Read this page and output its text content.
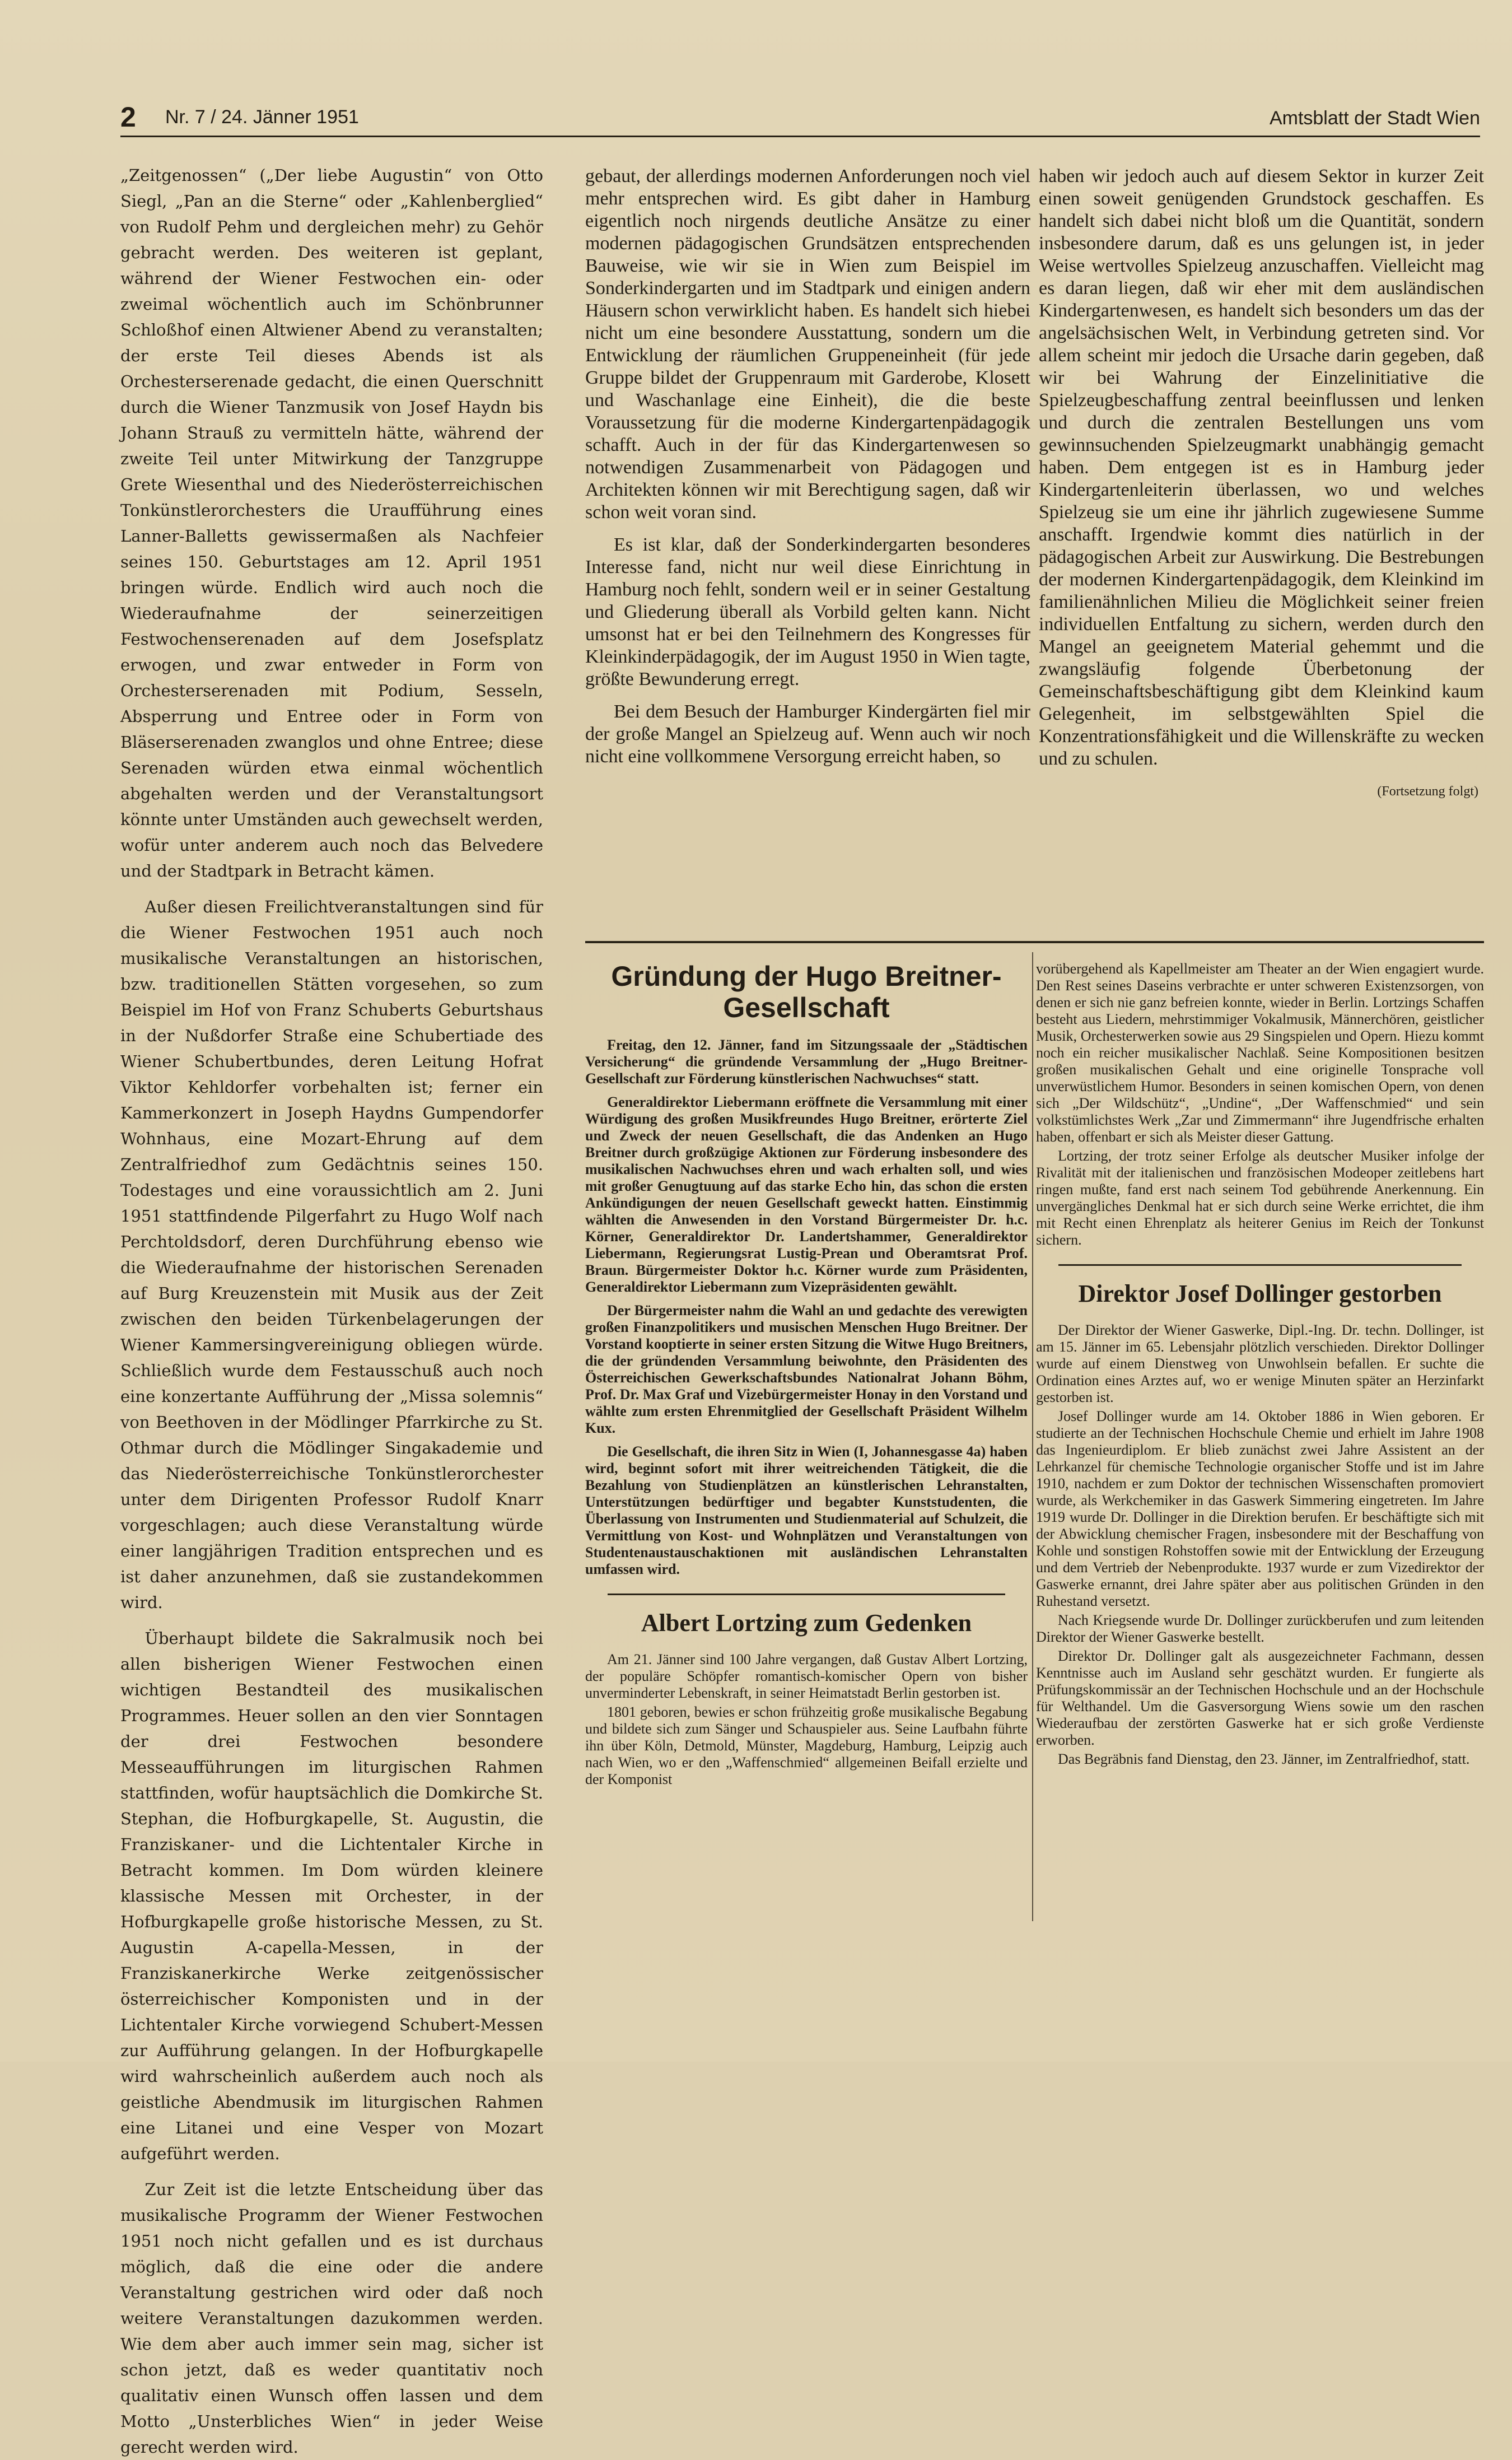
2 Nr. 7 / 24. Jänner 1951	Amtsblatt der Stadt Wien

„Zeitgenossen“ („Der liebe Augustin“ von Otto Siegl, „Pan an die Sterne“ oder „Kahlenberglied“ von Rudolf Pehm und dergleichen mehr) zu Gehör gebracht werden. Des weiteren ist geplant, während der Wiener Festwochen ein- oder zweimal wöchentlich auch im Schönbrunner Schloßhof einen Altwiener Abend zu veranstalten; der erste Teil dieses Abends ist als Orchesterserenade gedacht, die einen Querschnitt durch die Wiener Tanzmusik von Josef Haydn bis Johann Strauß zu vermitteln hätte, während der zweite Teil unter Mitwirkung der Tanzgruppe Grete Wiesenthal und des Niederösterreichischen Tonkünstlerorchesters die Uraufführung eines Lanner-Balletts gewissermaßen als Nachfeier seines 150. Geburtstages am 12. April 1951 bringen würde. Endlich wird auch noch die Wiederaufnahme der seinerzeitigen Festwochenserenaden auf dem Josefsplatz erwogen, und zwar entweder in Form von Orchesterserenaden mit Podium, Sesseln, Absperrung und Entree oder in Form von Bläserserenaden zwanglos und ohne Entree; diese Serenaden würden etwa einmal wöchentlich abgehalten werden und der Veranstaltungsort könnte unter Umständen auch gewechselt werden, wofür unter anderem auch noch das Belvedere und der Stadtpark in Betracht kämen.

Außer diesen Freilichtveranstaltungen sind für die Wiener Festwochen 1951 auch noch musikalische Veranstaltungen an historischen, bzw. traditionellen Stätten vorgesehen, so zum Beispiel im Hof von Franz Schuberts Geburtshaus in der Nußdorfer Straße eine Schubertiade des Wiener Schubertbundes, deren Leitung Hofrat Viktor Kehldorfer vorbehalten ist; ferner ein Kammerkonzert in Joseph Haydns Gumpendorfer Wohnhaus, eine Mozart-Ehrung auf dem Zentralfriedhof zum Gedächtnis seines 150. Todestages und eine voraussichtlich am 2. Juni 1951 stattfindende Pilgerfahrt zu Hugo Wolf nach Perchtoldsdorf, deren Durchführung ebenso wie die Wiederaufnahme der historischen Serenaden auf Burg Kreuzenstein mit Musik aus der Zeit zwischen den beiden Türkenbelagerungen der Wiener Kammersingvereinigung obliegen würde. Schließlich wurde dem Festausschuß auch noch eine konzertante Aufführung der „Missa solemnis“ von Beethoven in der Mödlinger Pfarrkirche zu St. Othmar durch die Mödlinger Singakademie und das Niederösterreichische Tonkünstlerorchester unter dem Dirigenten Professor Rudolf Knarr vorgeschlagen; auch diese Veranstaltung würde einer langjährigen Tradition entsprechen und es ist daher anzunehmen, daß sie zustandekommen wird.

Überhaupt bildete die Sakralmusik noch bei allen bisherigen Wiener Festwochen einen wichtigen Bestandteil des musikalischen Programmes. Heuer sollen an den vier Sonntagen der drei Festwochen besondere Messeaufführungen im liturgischen Rahmen stattfinden, wofür hauptsächlich die Domkirche St. Stephan, die Hofburgkapelle, St. Augustin, die Franziskaner- und die Lichtentaler Kirche in Betracht kommen. Im Dom würden kleinere klassische Messen mit Orchester, in der Hofburgkapelle große historische Messen, zu St. Augustin A-capella-Messen, in der Franziskanerkirche Werke zeitgenössischer österreichischer Komponisten und in der Lichtentaler Kirche vorwiegend Schubert-Messen zur Aufführung gelangen. In der Hofburgkapelle wird wahrscheinlich außerdem auch noch als geistliche Abendmusik im liturgischen Rahmen eine Litanei und eine Vesper von Mozart aufgeführt werden.

Zur Zeit ist die letzte Entscheidung über das musikalische Programm der Wiener Festwochen 1951 noch nicht gefallen und es ist durchaus möglich, daß die eine oder die andere Veranstaltung gestrichen wird oder daß noch weitere Veranstaltungen dazukommen werden. Wie dem aber auch immer sein mag, sicher ist schon jetzt, daß es weder quantitativ noch qualitativ einen Wunsch offen lassen und dem Motto „Unsterbliches Wien“ in jeder Weise gerecht werden wird.

gebaut, der allerdings modernen Anforderungen noch viel mehr entsprechen wird. Es gibt daher in Hamburg eigentlich noch nirgends deutliche Ansätze zu einer modernen pädagogischen Grundsätzen entsprechenden Bauweise, wie wir sie in Wien zum Beispiel im Sonderkindergarten und im Stadtpark und einigen andern Häusern schon verwirklicht haben. Es handelt sich hiebei nicht um eine besondere Ausstattung, sondern um die Entwicklung der räumlichen Gruppeneinheit (für jede Gruppe bildet der Gruppenraum mit Garderobe, Klosett und Waschanlage eine Einheit), die die beste Voraussetzung für die moderne Kindergartenpädagogik schafft. Auch in der für das Kindergartenwesen so notwendigen Zusammenarbeit von Pädagogen und Architekten können wir mit Berechtigung sagen, daß wir schon weit voran sind.

Es ist klar, daß der Sonderkindergarten besonderes Interesse fand, nicht nur weil diese Einrichtung in Hamburg noch fehlt, sondern weil er in seiner Gestaltung und Gliederung überall als Vorbild gelten kann. Nicht umsonst hat er bei den Teilnehmern des Kongresses für Kleinkinderpädagogik, der im August 1950 in Wien tagte, größte Bewunderung erregt.

Bei dem Besuch der Hamburger Kindergärten fiel mir der große Mangel an Spielzeug auf. Wenn auch wir noch nicht eine vollkommene Versorgung erreicht haben, so

haben wir jedoch auch auf diesem Sektor in kurzer Zeit einen soweit genügenden Grundstock geschaffen. Es handelt sich dabei nicht bloß um die Quantität, sondern insbesondere darum, daß es uns gelungen ist, in jeder Weise wertvolles Spielzeug anzuschaffen. Vielleicht mag es daran liegen, daß wir eher mit dem ausländischen Kindergartenwesen, es handelt sich besonders um das der angelsächsischen Welt, in Verbindung getreten sind. Vor allem scheint mir jedoch die Ursache darin gegeben, daß wir bei Wahrung der Einzelinitiative die Spielzeugbeschaffung zentral beeinflussen und lenken und durch die zentralen Bestellungen uns vom gewinnsuchenden Spielzeugmarkt unabhängig gemacht haben. Dem entgegen ist es in Hamburg jeder Kindergartenleiterin überlassen, wo und welches Spielzeug sie um eine ihr jährlich zugewiesene Summe anschafft. Irgendwie kommt dies natürlich in der pädagogischen Arbeit zur Auswirkung. Die Bestrebungen der modernen Kindergartenpädagogik, dem Kleinkind im familienähnlichen Milieu die Möglichkeit seiner freien individuellen Entfaltung zu sichern, werden durch den Mangel an geeignetem Material gehemmt und die zwangsläufig folgende Überbetonung der Gemeinschaftsbeschäftigung gibt dem Kleinkind kaum Gelegenheit, im selbstgewählten Spiel die Konzentrationsfähigkeit und die Willenskräfte zu wecken und zu schulen.

(Fortsetzung folgt)

Gründung der Hugo Breitner-Gesellschaft

Freitag, den 12. Jänner, fand im Sitzungssaale der „Städtischen Versicherung“ die gründende Versammlung der „Hugo Breitner-Gesellschaft zur Förderung künstlerischen Nachwuchses“ statt.

Generaldirektor Liebermann eröffnete die Versammlung mit einer Würdigung des großen Musikfreundes Hugo Breitner, erörterte Ziel und Zweck der neuen Gesellschaft, die das Andenken an Hugo Breitner durch großzügige Aktionen zur Förderung insbesondere des musikalischen Nachwuchses ehren und wach erhalten soll, und wies mit großer Genugtuung auf das starke Echo hin, das schon die ersten Ankündigungen der neuen Gesellschaft geweckt hatten. Einstimmig wählten die Anwesenden in den Vorstand Bürgermeister Dr. h.c. Körner, Generaldirektor Dr. Landertshammer, Generaldirektor Liebermann, Regierungsrat Lustig-Prean und Oberamtsrat Prof. Braun. Bürgermeister Doktor h.c. Körner wurde zum Präsidenten, Generaldirektor Liebermann zum Vizepräsidenten gewählt.

Der Bürgermeister nahm die Wahl an und gedachte des verewigten großen Finanzpolitikers und musischen Menschen Hugo Breitner. Der Vorstand kooptierte in seiner ersten Sitzung die Witwe Hugo Breitners, die der gründenden Versammlung beiwohnte, den Präsidenten des Österreichischen Gewerkschaftsbundes Nationalrat Johann Böhm, Prof. Dr. Max Graf und Vizebürgermeister Honay in den Vorstand und wählte zum ersten Ehrenmitglied der Gesellschaft Präsident Wilhelm Kux.

Die Gesellschaft, die ihren Sitz in Wien (I, Johannesgasse 4a) haben wird, beginnt sofort mit ihrer weitreichenden Tätigkeit, die die Bezahlung von Studienplätzen an künstlerischen Lehranstalten, Unterstützungen bedürftiger und begabter Kunststudenten, die Überlassung von Instrumenten und Studienmaterial auf Schulzeit, die Vermittlung von Kost- und Wohnplätzen und Veranstaltungen von Studentenaustauschaktionen mit ausländischen Lehranstalten umfassen wird.

Albert Lortzing zum Gedenken

Am 21. Jänner sind 100 Jahre vergangen, daß Gustav Albert Lortzing, der populäre Schöpfer romantisch-komischer Opern von bisher unverminderter Lebenskraft, in seiner Heimatstadt Berlin gestorben ist.

1801 geboren, bewies er schon frühzeitig große musikalische Begabung und bildete sich zum Sänger und Schauspieler aus. Seine Laufbahn führte ihn über Köln, Detmold, Münster, Magdeburg, Hamburg, Leipzig auch nach Wien, wo er den „Waffenschmied“ allgemeinen Beifall erzielte und der Komponist

vorübergehend als Kapellmeister am Theater an der Wien engagiert wurde. Den Rest seines Daseins verbrachte er unter schweren Existenzsorgen, von denen er sich nie ganz befreien konnte, wieder in Berlin. Lortzings Schaffen besteht aus Liedern, mehrstimmiger Vokalmusik, Männerchören, geistlicher Musik, Orchesterwerken sowie aus 29 Singspielen und Opern. Hiezu kommt noch ein reicher musikalischer Nachlaß. Seine Kompositionen besitzen großen musikalischen Gehalt und eine originelle Tonsprache voll unverwüstlichem Humor. Besonders in seinen komischen Opern, von denen sich „Der Wildschütz“, „Undine“, „Der Waffenschmied“ und sein volkstümlichstes Werk „Zar und Zimmermann“ ihre Jugendfrische erhalten haben, offenbart er sich als Meister dieser Gattung.

Lortzing, der trotz seiner Erfolge als deutscher Musiker infolge der Rivalität mit der italienischen und französischen Modeoper zeitlebens hart ringen mußte, fand erst nach seinem Tod gebührende Anerkennung. Ein unvergängliches Denkmal hat er sich durch seine Werke errichtet, die ihm mit Recht einen Ehrenplatz als heiterer Genius im Reich der Tonkunst sichern.

Direktor Josef Dollinger gestorben

Der Direktor der Wiener Gaswerke, Dipl.-Ing. Dr. techn. Dollinger, ist am 15. Jänner im 65. Lebensjahr plötzlich verschieden. Direktor Dollinger wurde auf einem Dienstweg von Unwohlsein befallen. Er suchte die Ordination eines Arztes auf, wo er wenige Minuten später an Herzinfarkt gestorben ist.

Josef Dollinger wurde am 14. Oktober 1886 in Wien geboren. Er studierte an der Technischen Hochschule Chemie und erhielt im Jahre 1908 das Ingenieurdiplom. Er blieb zunächst zwei Jahre Assistent an der Lehrkanzel für chemische Technologie organischer Stoffe und ist im Jahre 1910, nachdem er zum Doktor der technischen Wissenschaften promoviert wurde, als Werkchemiker in das Gaswerk Simmering eingetreten. Im Jahre 1919 wurde Dr. Dollinger in die Direktion berufen. Er beschäftigte sich mit der Abwicklung chemischer Fragen, insbesondere mit der Beschaffung von Kohle und sonstigen Rohstoffen sowie mit der Entwicklung der Erzeugung und dem Vertrieb der Nebenprodukte. 1937 wurde er zum Vizedirektor der Gaswerke ernannt, drei Jahre später aber aus politischen Gründen in den Ruhestand versetzt.

Nach Kriegsende wurde Dr. Dollinger zurückberufen und zum leitenden Direktor der Wiener Gaswerke bestellt.

Direktor Dr. Dollinger galt als ausgezeichneter Fachmann, dessen Kenntnisse auch im Ausland sehr geschätzt wurden. Er fungierte als Prüfungskommissär an der Technischen Hochschule und an der Hochschule für Welthandel. Um die Gasversorgung Wiens sowie um den raschen Wiederaufbau der zerstörten Gaswerke hat er sich große Verdienste erworben.

Das Begräbnis fand Dienstag, den 23. Jänner, im Zentralfriedhof, statt.
